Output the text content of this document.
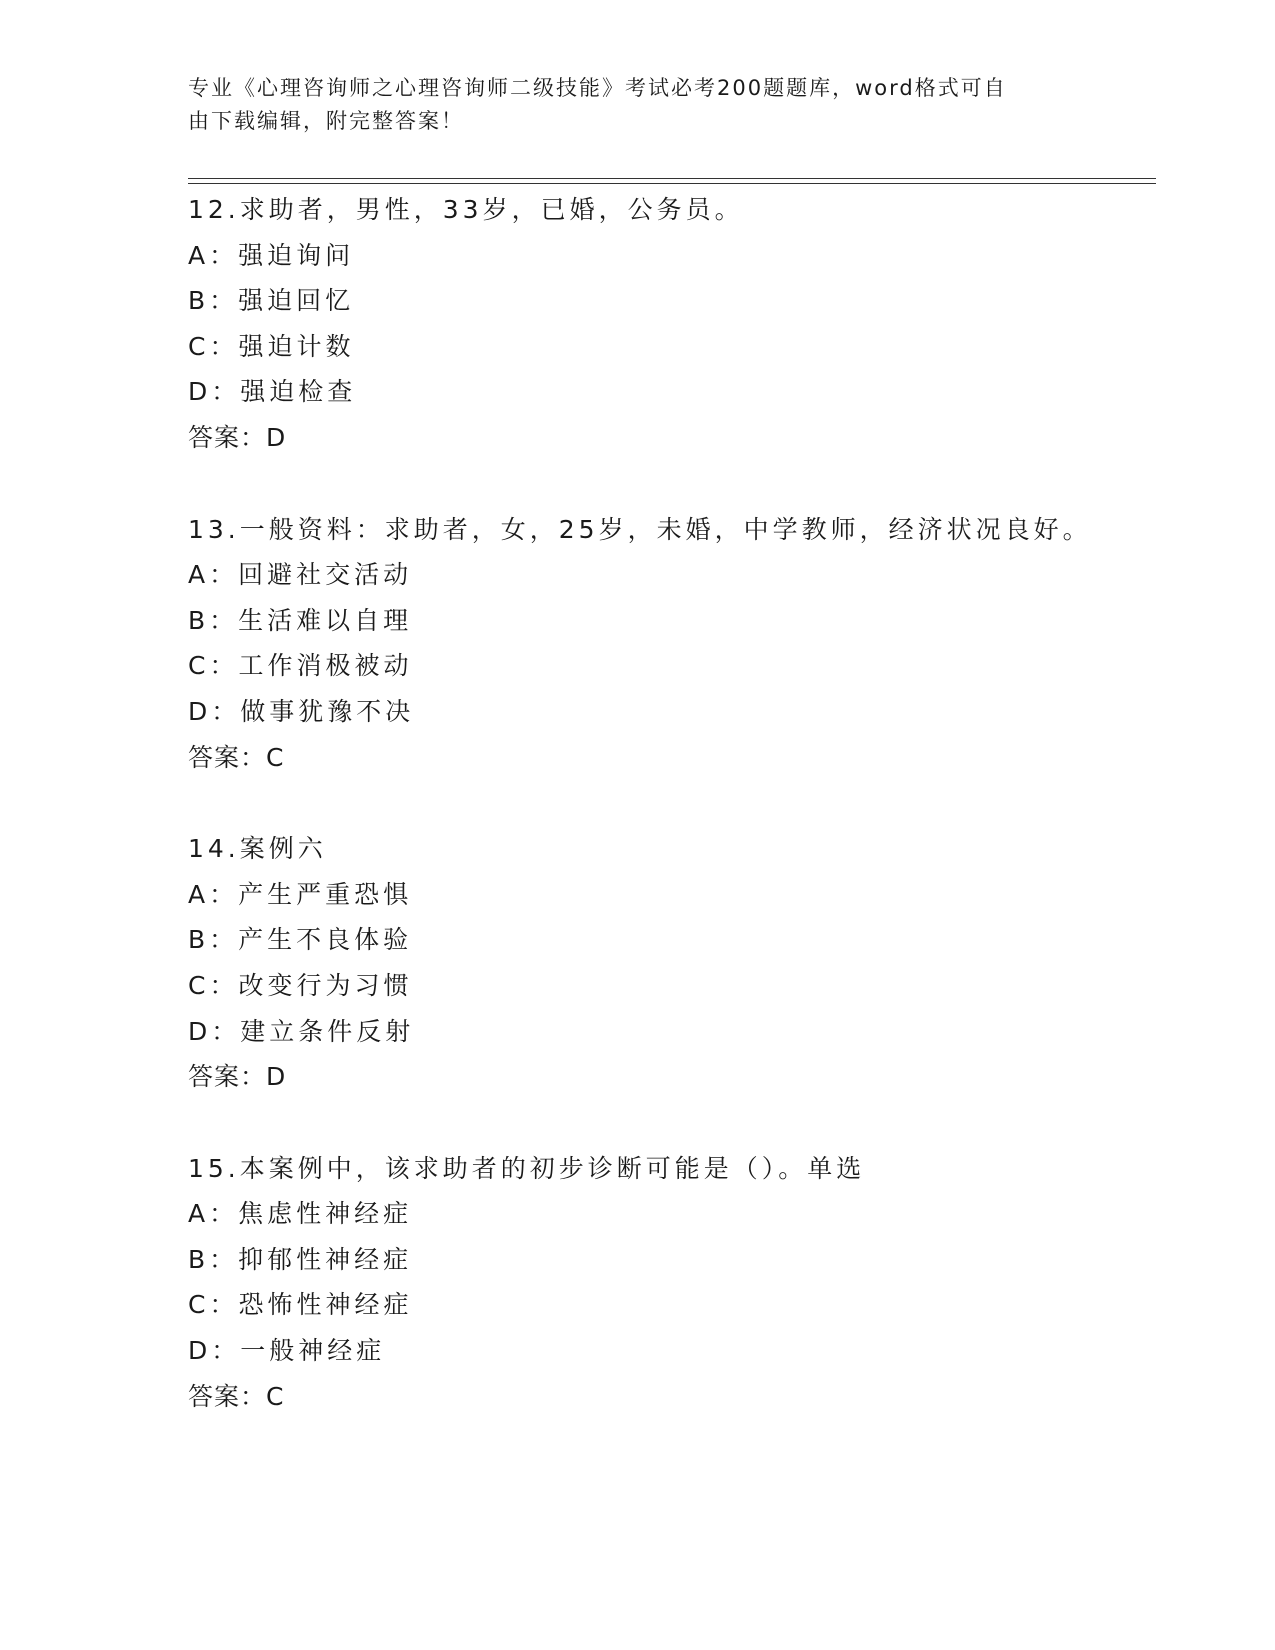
专业《心理咨询师之心理咨询师二级技能》考试必考200题题库，word格式可自
由下载编辑，附完整答案！
12.求助者，男性，33岁，已婚，公务员。
A：强迫询问
B：强迫回忆
C：强迫计数
D：强迫检查
答案：D
13.一般资料：求助者，女，25岁，未婚，中学教师，经济状况良好。
A：回避社交活动
B：生活难以自理
C：工作消极被动
D：做事犹豫不决
答案：C
14.案例六
A：产生严重恐惧
B：产生不良体验
C：改变行为习惯
D：建立条件反射
答案：D
15.本案例中，该求助者的初步诊断可能是（）。单选
A：焦虑性神经症
B：抑郁性神经症
C：恐怖性神经症
D：一般神经症
答案：C
